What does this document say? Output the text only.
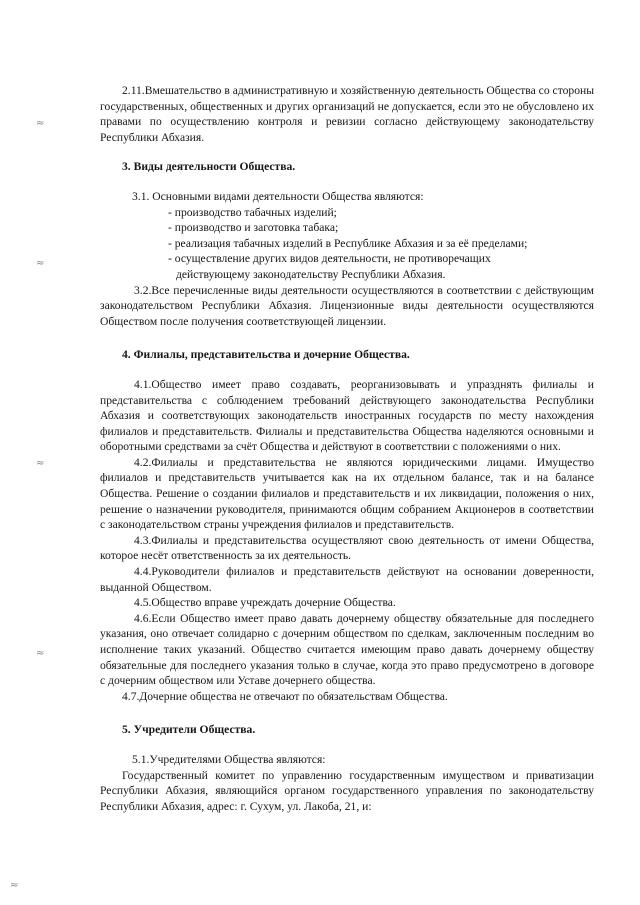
2.11.Вмешательство в административную и хозяйственную деятельность Общества со стороны государственных, общественных и других организаций не допускается, если это не обусловлено их правами по осуществлению контроля и ревизии согласно действующему законодательству Республики Абхазия.

3. Виды деятельности Общества.

3.1. Основными видами деятельности Общества являются:

- производство табачных изделий;
- производство и заготовка табака;
- реализация табачных изделий в Республике Абхазия и за её пределами;
- осуществление других видов деятельности, не противоречащих

действующему законодательству Республики Абхазия.

3.2.Все перечисленные виды деятельности осуществляются в соответствии с действующим законодательством Республики Абхазия. Лицензионные виды деятельности осуществляются Обществом после получения соответствующей лицензии.

4. Филиалы, представительства и дочерние Общества.

4.1.Общество имеет право создавать, реорганизовывать и упразднять филиалы и представительства с соблюдением требований действующего законодательства Республики Абхазия и соответствующих законодательств иностранных государств по месту нахождения филиалов и представительств. Филиалы и представительства Общества наделяются основными и оборотными средствами за счёт Общества и действуют в соответствии с положениями о них.

4.2.Филиалы и представительства не являются юридическими лицами. Имущество филиалов и представительств учитывается как на их отдельном балансе, так и на балансе Общества. Решение о создании филиалов и представительств и их ликвидации, положения о них, решение о назначении руководителя, принимаются общим собранием Акционеров в соответствии с законодательством страны учреждения филиалов и представительств.

4.3.Филиалы и представительства осуществляют свою деятельность от имени Общества, которое несёт ответственность за их деятельность.

4.4.Руководители филиалов и представительств действуют на основании доверенности, выданной Обществом.

4.5.Общество вправе учреждать дочерние Общества.

4.6.Если Общество имеет право давать дочернему обществу обязательные для последнего указания, оно отвечает солидарно с дочерним обществом по сделкам, заключенным последним во исполнение таких указаний. Общество считается имеющим право давать дочернему обществу обязательные для последнего указания только в случае, когда это право предусмотрено в договоре с дочерним обществом или Уставе дочернего общества.

4.7.Дочерние общества не отвечают по обязательствам Общества.

5. Учредители Общества.

5.1.Учредителями Общества являются:

Государственный комитет по управлению государственным имуществом и приватизации Республики Абхазия, являющийся органом государственного управления по законодательству Республики Абхазия, адрес: г. Сухум, ул. Лакоба, 21, и:

≈
≈
≈
≈
≈
